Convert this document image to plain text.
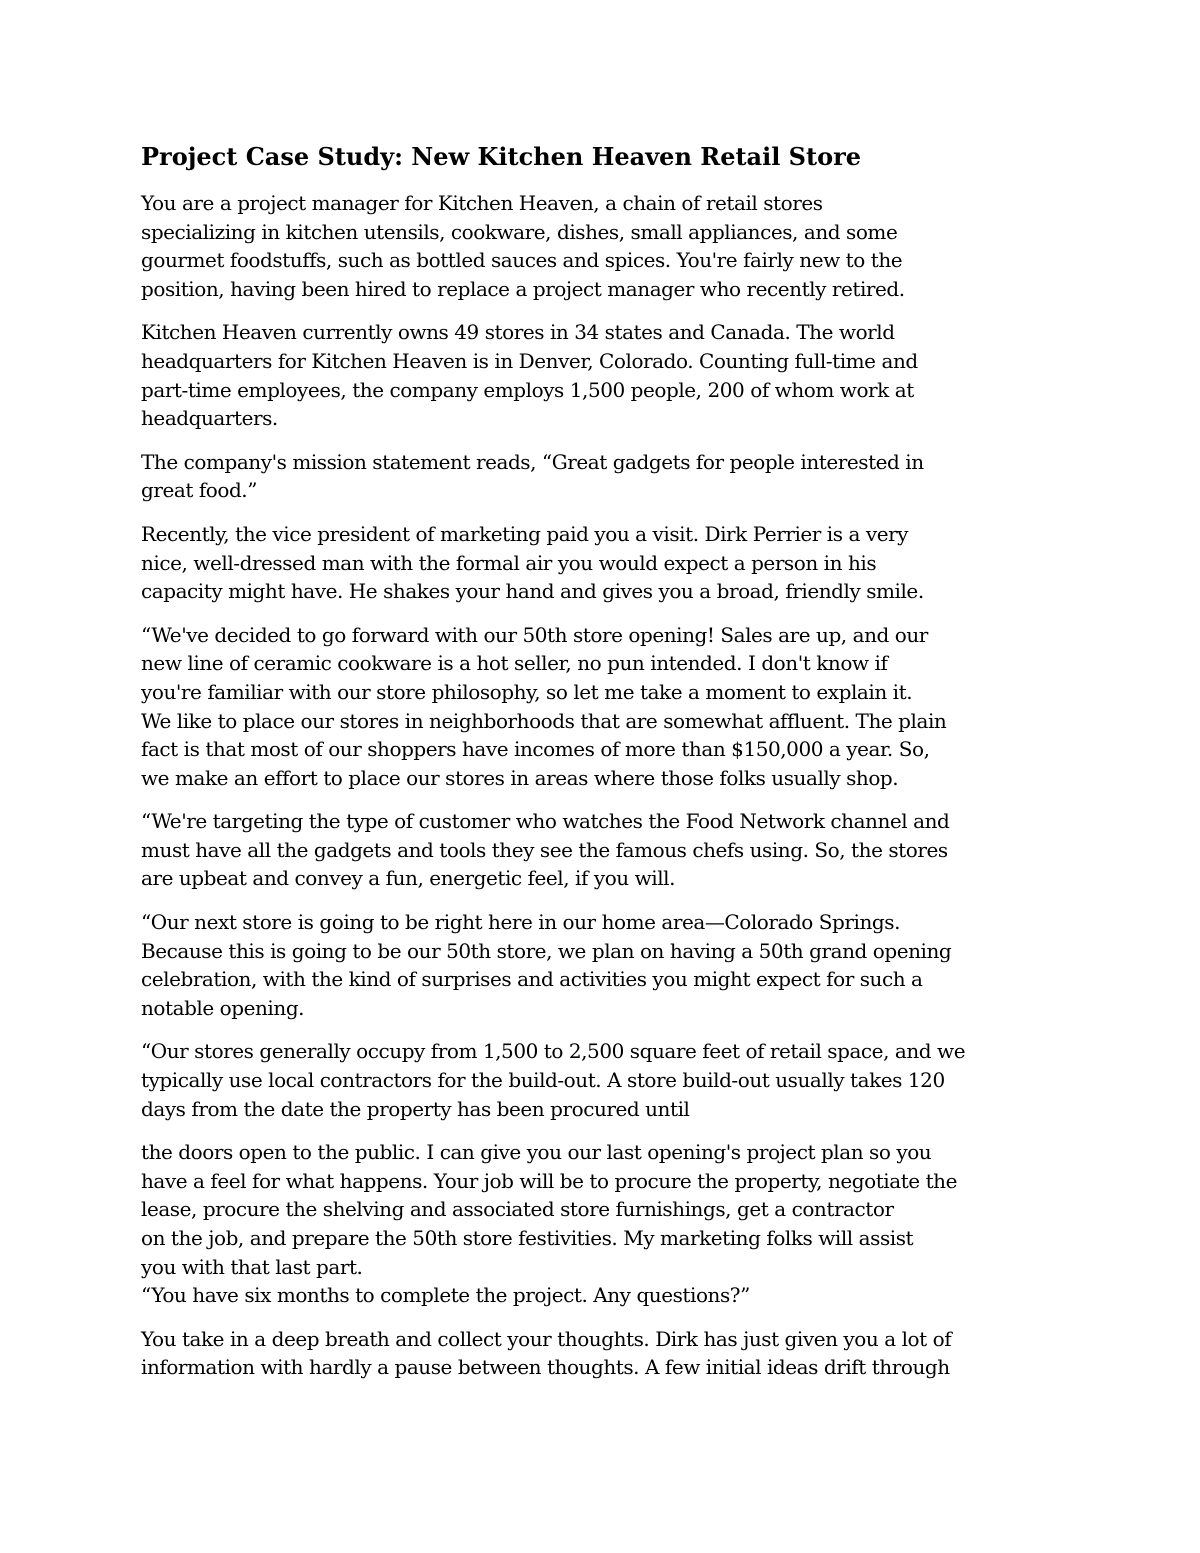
Project Case Study: New Kitchen Heaven Retail Store
You are a project manager for Kitchen Heaven, a chain of retail stores
specializing in kitchen utensils, cookware, dishes, small appliances, and some
gourmet foodstuffs, such as bottled sauces and spices. You're fairly new to the
position, having been hired to replace a project manager who recently retired.
Kitchen Heaven currently owns 49 stores in 34 states and Canada. The world
headquarters for Kitchen Heaven is in Denver, Colorado. Counting full-time and
part-time employees, the company employs 1,500 people, 200 of whom work at
headquarters.
The company's mission statement reads, “Great gadgets for people interested in
great food.”
Recently, the vice president of marketing paid you a visit. Dirk Perrier is a very
nice, well-dressed man with the formal air you would expect a person in his
capacity might have. He shakes your hand and gives you a broad, friendly smile.
“We've decided to go forward with our 50th store opening! Sales are up, and our
new line of ceramic cookware is a hot seller, no pun intended. I don't know if
you're familiar with our store philosophy, so let me take a moment to explain it.
We like to place our stores in neighborhoods that are somewhat affluent. The plain
fact is that most of our shoppers have incomes of more than $150,000 a year. So,
we make an effort to place our stores in areas where those folks usually shop.
“We're targeting the type of customer who watches the Food Network channel and
must have all the gadgets and tools they see the famous chefs using. So, the stores
are upbeat and convey a fun, energetic feel, if you will.
“Our next store is going to be right here in our home area—Colorado Springs.
Because this is going to be our 50th store, we plan on having a 50th grand opening
celebration, with the kind of surprises and activities you might expect for such a
notable opening.
“Our stores generally occupy from 1,500 to 2,500 square feet of retail space, and we
typically use local contractors for the build-out. A store build-out usually takes 120
days from the date the property has been procured until
the doors open to the public. I can give you our last opening's project plan so you
have a feel for what happens. Your job will be to procure the property, negotiate the
lease, procure the shelving and associated store furnishings, get a contractor
on the job, and prepare the 50th store festivities. My marketing folks will assist
you with that last part.
“You have six months to complete the project. Any questions?”
You take in a deep breath and collect your thoughts. Dirk has just given you a lot of
information with hardly a pause between thoughts. A few initial ideas drift through
